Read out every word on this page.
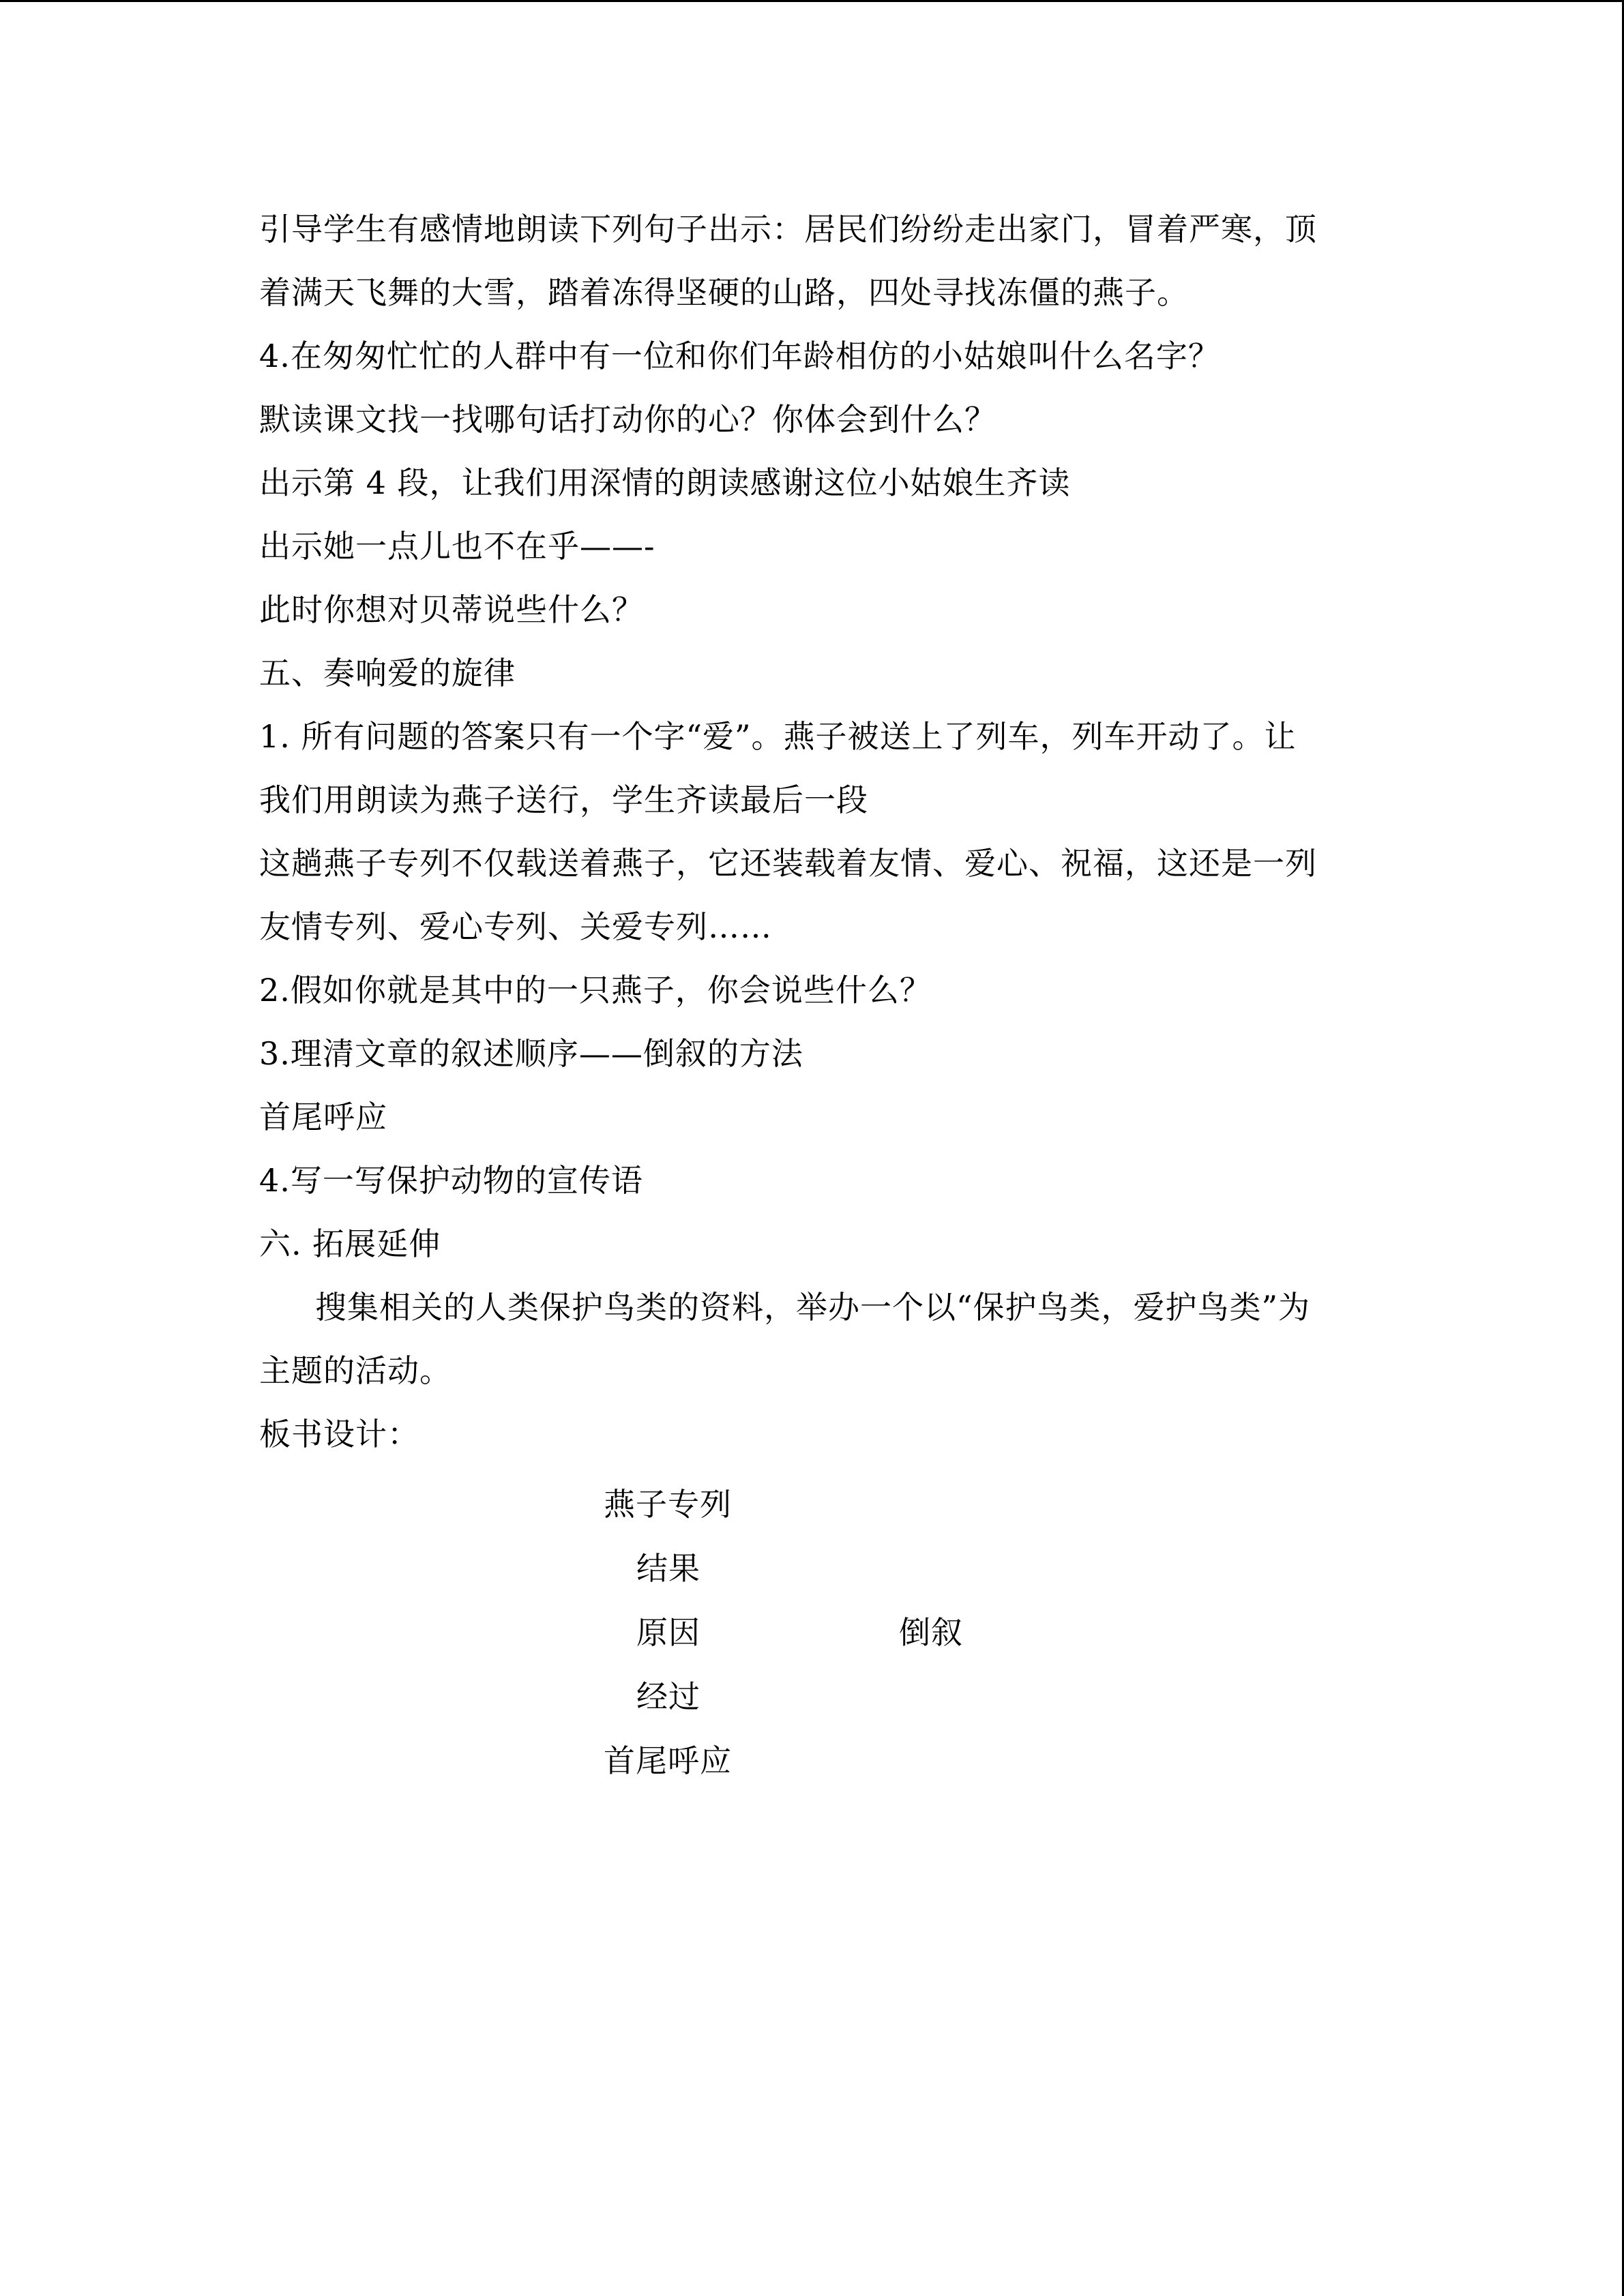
引导学生有感情地朗读下列句子出示：居民们纷纷走出家门，冒着严寒，顶
着满天飞舞的大雪，踏着冻得坚硬的山路，四处寻找冻僵的燕子。
4.在匆匆忙忙的人群中有一位和你们年龄相仿的小姑娘叫什么名字？
默读课文找一找哪句话打动你的心？你体会到什么？
出示第 4 段，让我们用深情的朗读感谢这位小姑娘生齐读
出示她一点儿也不在乎——-
此时你想对贝蒂说些什么？
五、奏响爱的旋律
1. 所有问题的答案只有一个字“爱”。燕子被送上了列车，列车开动了。让
我们用朗读为燕子送行，学生齐读最后一段
这趟燕子专列不仅载送着燕子，它还装载着友情、爱心、祝福，这还是一列
友情专列、爱心专列、关爱专列……
2.假如你就是其中的一只燕子，你会说些什么？
3.理清文章的叙述顺序——倒叙的方法
首尾呼应
4.写一写保护动物的宣传语
六. 拓展延伸
搜集相关的人类保护鸟类的资料，举办一个以“保护鸟类，爱护鸟类”为
主题的活动。
板书设计：
燕子专列
结果
原因	倒叙
经过
首尾呼应
